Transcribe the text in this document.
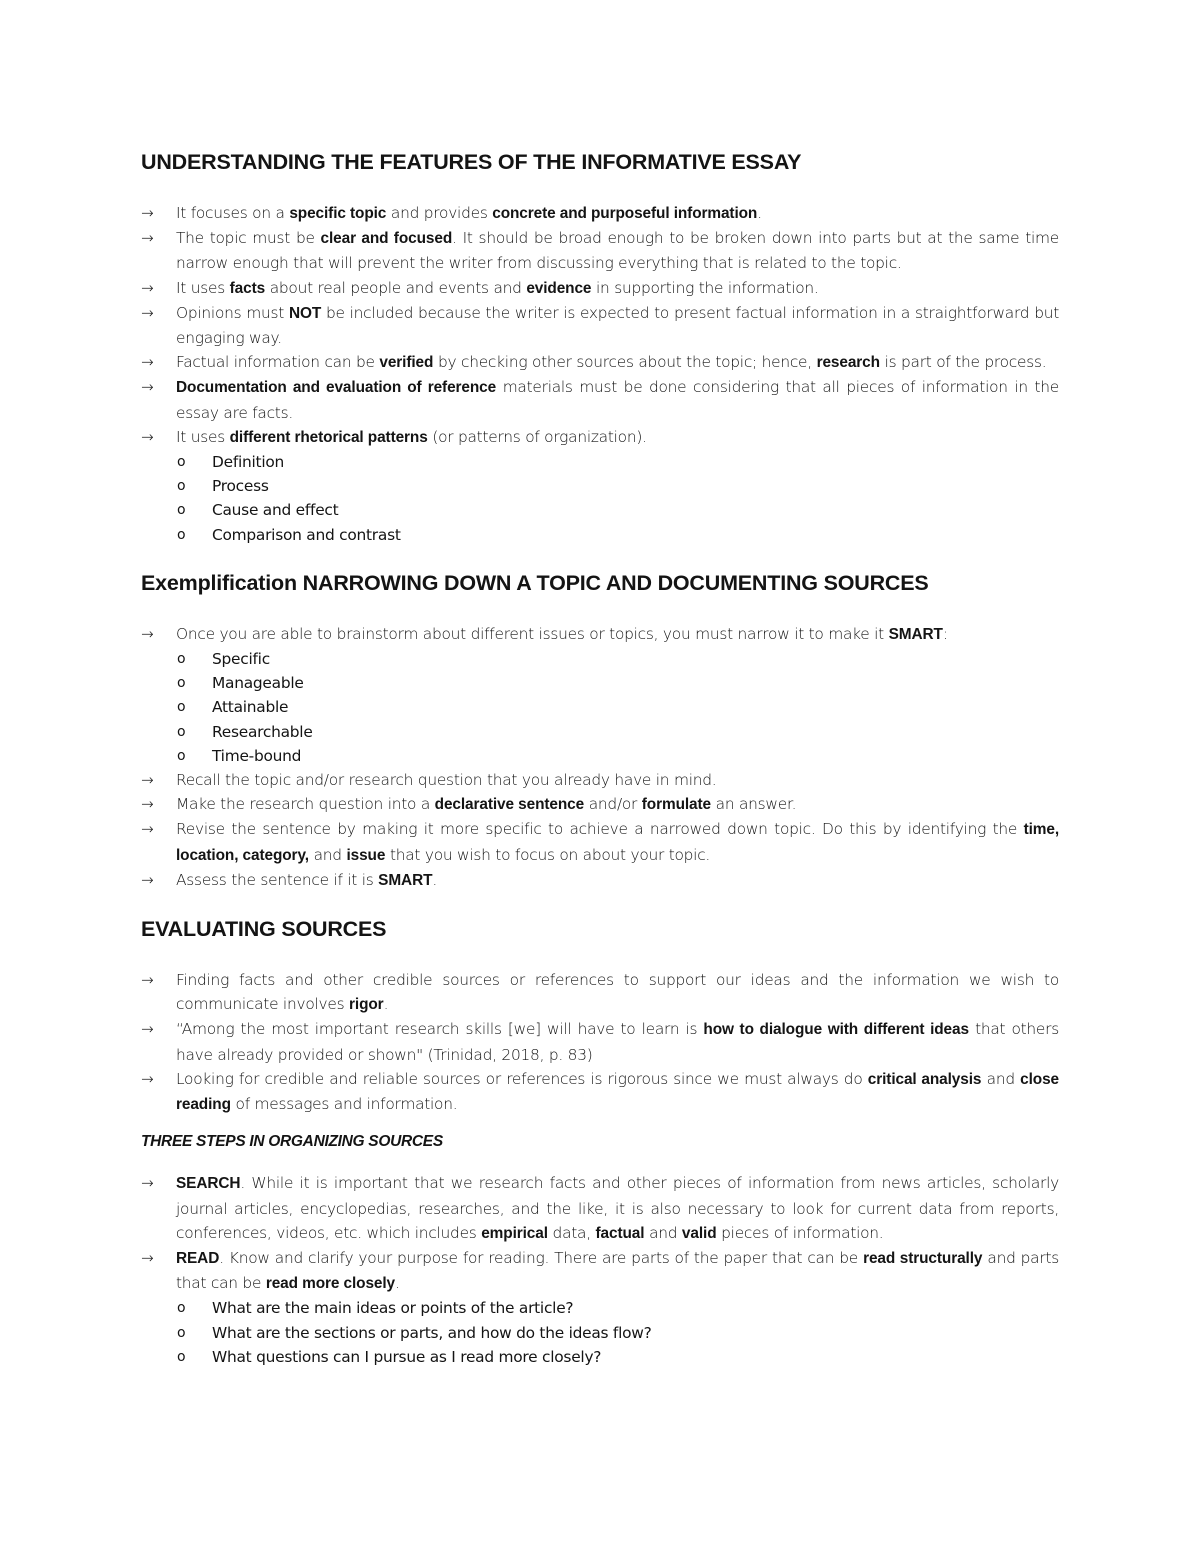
UNDERSTANDING THE FEATURES OF THE INFORMATIVE ESSAY
→	It focuses on a specific topic and provides concrete and purposeful information.
→	The topic must be clear and focused. It should be broad enough to be broken down into parts but at the same time narrow enough that will prevent the writer from discussing everything that is related to the topic.
→	It uses facts about real people and events and evidence in supporting the information.
→	Opinions must NOT be included because the writer is expected to present factual information in a straightforward but engaging way.
→	Factual information can be verified by checking other sources about the topic; hence, research is part of the process.
→	Documentation and evaluation of reference materials must be done considering that all pieces of information in the essay are facts.
→	It uses different rhetorical patterns (or patterns of organization).
o Definition
o Process
o Cause and effect
o Comparison and contrast
Exemplification NARROWING DOWN A TOPIC AND DOCUMENTING SOURCES
→	Once you are able to brainstorm about different issues or topics, you must narrow it to make it SMART:
o Specific
o Manageable
o Attainable
o Researchable
o Time-bound
→	Recall the topic and/or research question that you already have in mind.
→	Make the research question into a declarative sentence and/or formulate an answer.
→	Revise the sentence by making it more specific to achieve a narrowed down topic. Do this by identifying the time, location, category, and issue that you wish to focus on about your topic.
→	Assess the sentence if it is SMART.
EVALUATING SOURCES
→	Finding facts and other credible sources or references to support our ideas and the information we wish to communicate involves rigor.
→	“Among the most important research skills [we] will have to learn is how to dialogue with different ideas that others have already provided or shown" (Trinidad, 2018, p. 83)
→	Looking for credible and reliable sources or references is rigorous since we must always do critical analysis and close reading of messages and information.
THREE STEPS IN ORGANIZING SOURCES
→	SEARCH. While it is important that we research facts and other pieces of information from news articles, scholarly journal articles, encyclopedias, researches, and the like, it is also necessary to look for current data from reports, conferences, videos, etc. which includes empirical data, factual and valid pieces of information.
→	READ. Know and clarify your purpose for reading. There are parts of the paper that can be read structurally and parts that can be read more closely.
o What are the main ideas or points of the article?
o What are the sections or parts, and how do the ideas flow?
o What questions can I pursue as I read more closely?
